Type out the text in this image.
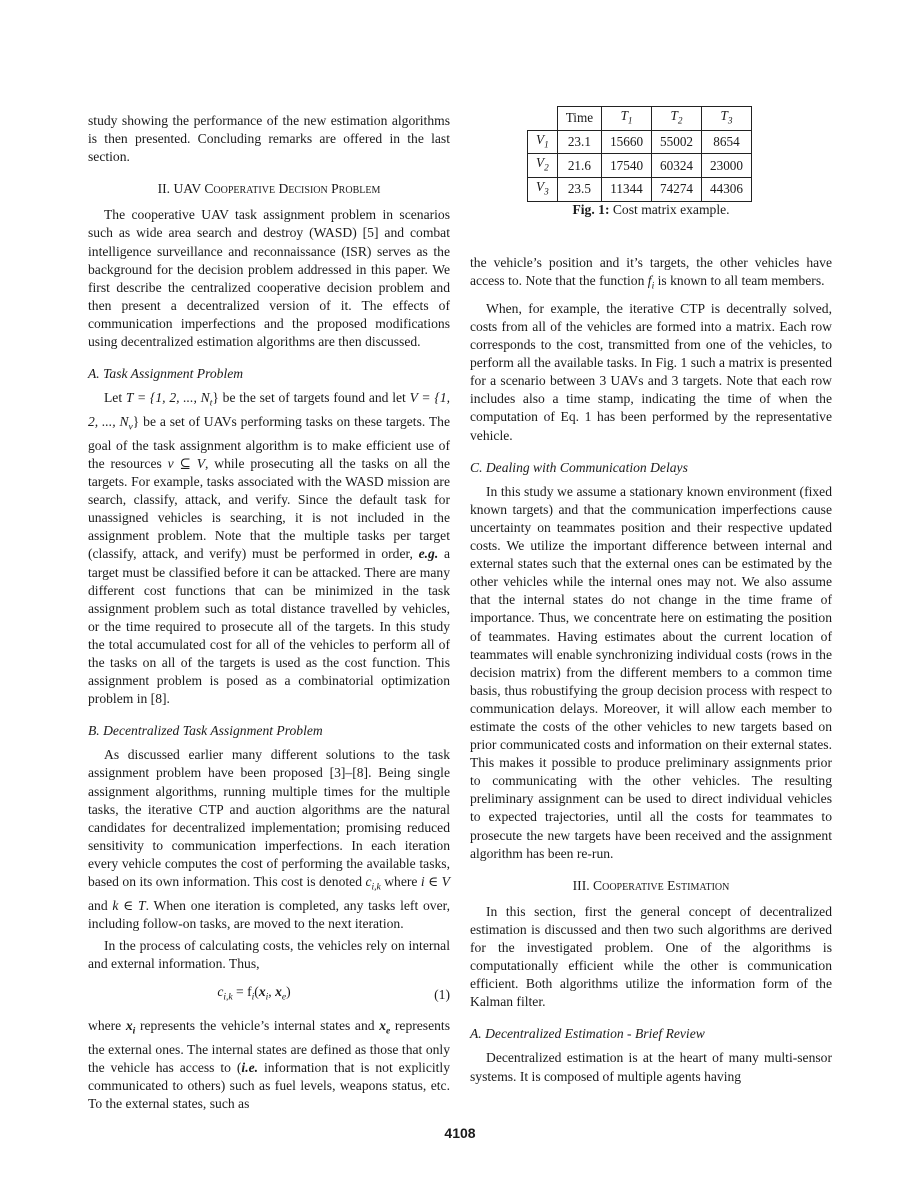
	Time	$T_1$	$T_2$	$T_3$
$V_1$	23.1	15660	55002	8654
$V_2$	21.6	17540	60324	23000
$V_3$	23.5	11344	74274	44306
Fig. 1: Cost matrix example.

study showing the performance of the new estimation algorithms is then presented. Concluding remarks are offered in the last section.

II. UAV Cooperative Decision Problem

The cooperative UAV task assignment problem in scenarios such as wide area search and destroy (WASD) [5] and combat intelligence surveillance and reconnaissance (ISR) serves as the background for the decision problem addressed in this paper. We first describe the centralized cooperative decision problem and then present a decentralized version of it. The effects of communication imperfections and the proposed modifications using decentralized estimation algorithms are then discussed.

A. Task Assignment Problem

Let T = {1, 2, ..., $N_t$} be the set of targets found and let V = {1, 2, ..., $N_v$} be a set of UAVs performing tasks on these targets. The goal of the task assignment algorithm is to make efficient use of the resources v ⊆ V, while prosecuting all the tasks on all the targets. For example, tasks associated with the WASD mission are search, classify, attack, and verify. Since the default task for unassigned vehicles is searching, it is not included in the assignment problem. Note that the multiple tasks per target (classify, attack, and verify) must be performed in order, e.g. a target must be classified before it can be attacked. There are many different cost functions that can be minimized in the task assignment problem such as total distance travelled by vehicles, or the time required to prosecute all of the targets. In this study the total accumulated cost for all of the vehicles to perform all of the tasks on all of the targets is used as the cost function. This assignment problem is posed as a combinatorial optimization problem in [8].

B. Decentralized Task Assignment Problem

As discussed earlier many different solutions to the task assignment problem have been proposed [3]–[8]. Being single assignment algorithms, running multiple times for the multiple tasks, the iterative CTP and auction algorithms are the natural candidates for decentralized implementation; promising reduced sensitivity to communication imperfections. In each iteration every vehicle computes the cost of performing the available tasks, based on its own information. This cost is denoted $c_{i,k}$ where i ∈ V and k ∈ T. When one iteration is completed, any tasks left over, including follow-on tasks, are moved to the next iteration.

In the process of calculating costs, the vehicles rely on internal and external information. Thus,

$c_{i,k} = f_i(x_i$, $x_e$)	(1)

where $x_i$ represents the vehicle’s internal states and $x_e$ represents the external ones. The internal states are defined as those that only the vehicle has access to (i.e. information that is not explicitly communicated to others) such as fuel levels, weapons status, etc. To the external states, such as

the vehicle’s position and it’s targets, the other vehicles have access to. Note that the function $f_i$ is known to all team members.

When, for example, the iterative CTP is decentrally solved, costs from all of the vehicles are formed into a matrix. Each row corresponds to the cost, transmitted from one of the vehicles, to perform all the available tasks. In Fig. 1 such a matrix is presented for a scenario between 3 UAVs and 3 targets. Note that each row includes also a time stamp, indicating the time of when the computation of Eq. 1 has been performed by the representative vehicle.

C. Dealing with Communication Delays

In this study we assume a stationary known environment (fixed known targets) and that the communication imperfections cause uncertainty on teammates position and their respective updated costs. We utilize the important difference between internal and external states such that the external ones can be estimated by the other vehicles while the internal ones may not. We also assume that the internal states do not change in the time frame of importance. Thus, we concentrate here on estimating the position of teammates. Having estimates about the current location of teammates will enable synchronizing individual costs (rows in the decision matrix) from the different members to a common time basis, thus robustifying the group decision process with respect to communication delays. Moreover, it will allow each member to estimate the costs of the other vehicles to new targets based on prior communicated costs and information on their external states. This makes it possible to produce preliminary assignments prior to communicating with the other vehicles. The resulting preliminary assignment can be used to direct individual vehicles to expected trajectories, until all the costs for teammates to prosecute the new targets have been received and the assignment algorithm has been re-run.

III. Cooperative Estimation

In this section, first the general concept of decentralized estimation is discussed and then two such algorithms are derived for the investigated problem. One of the algorithms is computationally efficient while the other is communication efficient. Both algorithms utilize the information form of the Kalman filter.

A. Decentralized Estimation - Brief Review

Decentralized estimation is at the heart of many multi-sensor systems. It is composed of multiple agents having

4108
